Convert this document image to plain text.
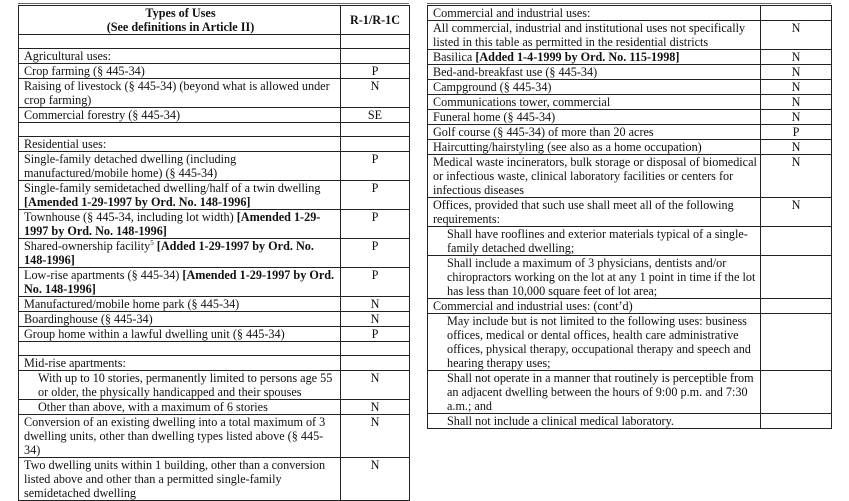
Types of Uses
(See definitions in Article II)	R-1/R-1C

Agricultural uses:	
Crop farming (§ 445-34)	P
Raising of livestock (§ 445-34) (beyond what is allowed under crop farming)	N
Commercial forestry (§ 445-34)	SE

Residential uses:	
Single-family detached dwelling (including manufactured/mobile home) (§ 445-34)	P
Single-family semidetached dwelling/half of a twin dwelling [Amended 1-29-1997 by Ord. No. 148-1996]	P
Townhouse (§ 445-34, including lot width) [Amended 1-29-1997 by Ord. No. 148-1996]	P
Shared-ownership facility$^5$ [Added 1-29-1997 by Ord. No. 148-1996]	P
Low-rise apartments (§ 445-34) [Amended 1-29-1997 by Ord. No. 148-1996]	P
Manufactured/mobile home park (§ 445-34)	N
Boardinghouse (§ 445-34)	N
Group home within a lawful dwelling unit (§ 445-34)	P

Mid-rise apartments:	
With up to 10 stories, permanently limited to persons age 55 or older, the physically handicapped and their spouses	N
Other than above, with a maximum of 6 stories	N
Conversion of an existing dwelling into a total maximum of 3 dwelling units, other than dwelling types listed above (§ 445-34)	N
Two dwelling units within 1 building, other than a conversion listed above and other than a permitted single-family semidetached dwelling	N
Commercial and industrial uses:	
All commercial, industrial and institutional uses not specifically listed in this table as permitted in the residential districts	N
Basilica [Added 1-4-1999 by Ord. No. 115-1998]	N
Bed-and-breakfast use (§ 445-34)	N
Campground (§ 445-34)	N
Communications tower, commercial	N
Funeral home (§ 445-34)	N
Golf course (§ 445-34) of more than 20 acres	P
Haircutting/hairstyling (see also as a home occupation)	N
Medical waste incinerators, bulk storage or disposal of biomedical or infectious waste, clinical laboratory facilities or centers for infectious diseases	N
Offices, provided that such use shall meet all of the following requirements:	N
Shall have rooflines and exterior materials typical of a single-family detached dwelling;	
Shall include a maximum of 3 physicians, dentists and/or chiropractors working on the lot at any 1 point in time if the lot has less than 10,000 square feet of lot area;	
Commercial and industrial uses: (cont’d)	
May include but is not limited to the following uses: business offices, medical or dental offices, health care administrative offices, physical therapy, occupational therapy and speech and hearing therapy uses;	
Shall not operate in a manner that routinely is perceptible from an adjacent dwelling between the hours of 9:00 p.m. and 7:30 a.m.; and	
Shall not include a clinical medical laboratory.	
